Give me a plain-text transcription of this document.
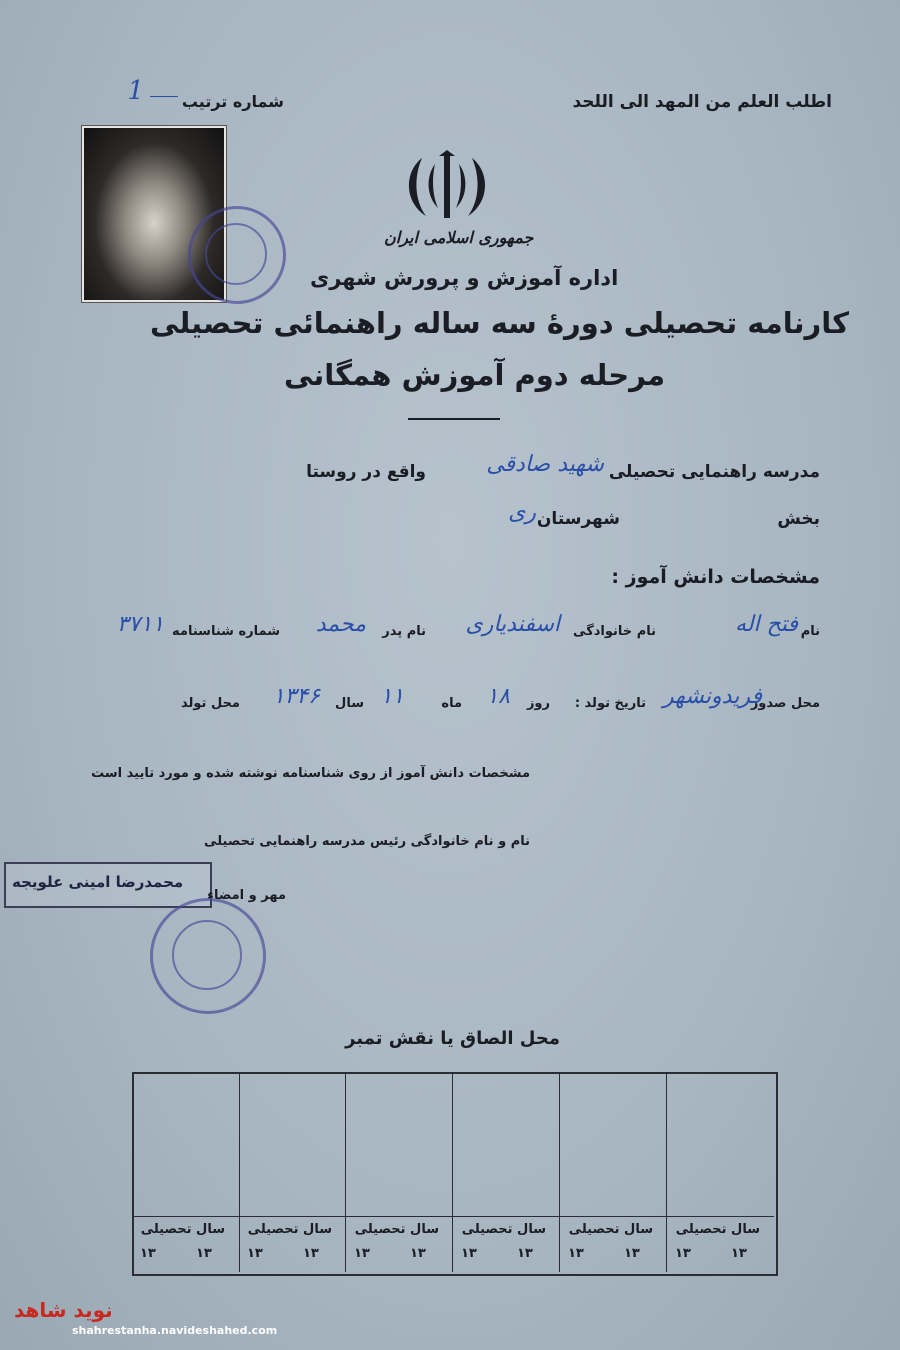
اطلب العلم من المهد الی اللحد
شماره ترتیب
1
جمهوری اسلامی ایران
اداره آموزش و پرورش شهری
کارنامه تحصیلی دورهٔ سه ساله راهنمائی تحصیلی
مرحله دوم آموزش همگانی
مدرسه راهنمایی تحصیلی
شهید صادقی
واقع در روستا
بخش
شهرستان
ری
مشخصات دانش آموز :
نام
فتح اله
نام خانوادگی
اسفندیاری
نام پدر
محمد
شماره شناسنامه
۳۷۱۱
محل صدور
فریدونشهر
تاریخ تولد :
روز
۱۸
ماه
۱۱
سال
۱۳۴۶
محل تولد
مشخصات دانش آموز از روی شناسنامه نوشته شده و مورد تایید است
نام و نام خانوادگی رئیس مدرسه راهنمایی تحصیلی
محمدرضا امینی علویجه
مهر و امضاء
محل الصاق یا نقش تمبر
سال تحصیلی
۱۳
۱۳
سال تحصیلی
۱۳
۱۳
سال تحصیلی
۱۳
۱۳
سال تحصیلی
۱۳
۱۳
سال تحصیلی
۱۳
۱۳
سال تحصیلی
۱۳
۱۳
نوید شاهد
shahrestanha.navideshahed.com
